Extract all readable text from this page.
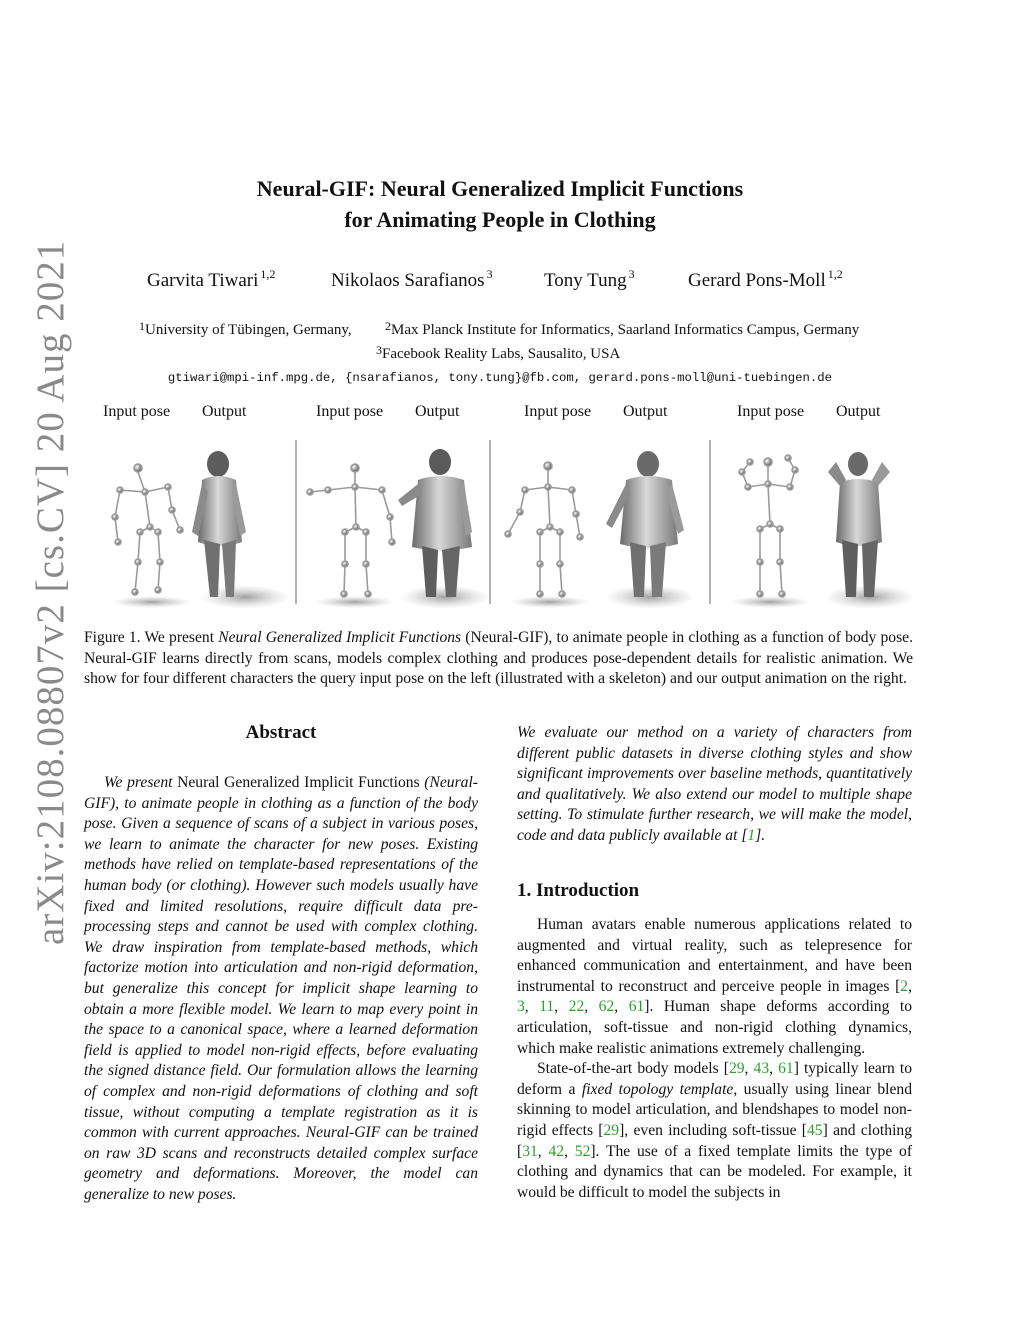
arXiv:2108.08807v2 [cs.CV] 20 Aug 2021
Neural-GIF: Neural Generalized Implicit Functions
for Animating People in Clothing
Garvita Tiwari $^{1,2}$	Nikolaos Sarafianos $^3$	Tony Tung $^3$	Gerard Pons-Moll $^{1,2}$
$^1$University of Tübingen, Germany,	$^2$Max Planck Institute for Informatics, Saarland Informatics Campus, Germany
$^3$Facebook Reality Labs, Sausalito, USA
gtiwari@mpi-inf.mpg.de, {nsarafianos, tony.tung}@fb.com, gerard.pons-moll@uni-tuebingen.de
Input pose Output	Input pose Output	Input pose Output	Input pose Output
Figure 1. We present Neural Generalized Implicit Functions (Neural-GIF), to animate people in clothing as a function of body pose. Neural-GIF learns directly from scans, models complex clothing and produces pose-dependent details for realistic animation. We show for four different characters the query input pose on the left (illustrated with a skeleton) and our output animation on the right.
Abstract

We present Neural Generalized Implicit Functions (Neural-GIF), to animate people in clothing as a function of the body pose. Given a sequence of scans of a subject in various poses, we learn to animate the character for new poses. Existing methods have relied on template-based representations of the human body (or clothing). However such models usually have fixed and limited resolutions, require difficult data pre-processing steps and cannot be used with complex clothing. We draw inspiration from template-based methods, which factorize motion into articulation and non-rigid deformation, but generalize this concept for implicit shape learning to obtain a more flexible model. We learn to map every point in the space to a canonical space, where a learned deformation field is applied to model non-rigid effects, before evaluating the signed distance field. Our formulation allows the learning of complex and non-rigid deformations of clothing and soft tissue, without computing a template registration as it is common with current approaches. Neural-GIF can be trained on raw 3D scans and reconstructs detailed complex surface geometry and deformations. Moreover, the model can generalize to new poses.

We evaluate our method on a variety of characters from different public datasets in diverse clothing styles and show significant improvements over baseline methods, quantitatively and qualitatively. We also extend our model to multiple shape setting. To stimulate further research, we will make the model, code and data publicly available at [1].

1. Introduction

Human avatars enable numerous applications related to augmented and virtual reality, such as telepresence for enhanced communication and entertainment, and have been instrumental to reconstruct and perceive people in images [2, 3, 11, 22, 62, 61]. Human shape deforms according to articulation, soft-tissue and non-rigid clothing dynamics, which make realistic animations extremely challenging.

State-of-the-art body models [29, 43, 61] typically learn to deform a fixed topology template, usually using linear blend skinning to model articulation, and blendshapes to model non-rigid effects [29], even including soft-tissue [45] and clothing [31, 42, 52]. The use of a fixed template limits the type of clothing and dynamics that can be modeled. For example, it would be difficult to model the subjects in
